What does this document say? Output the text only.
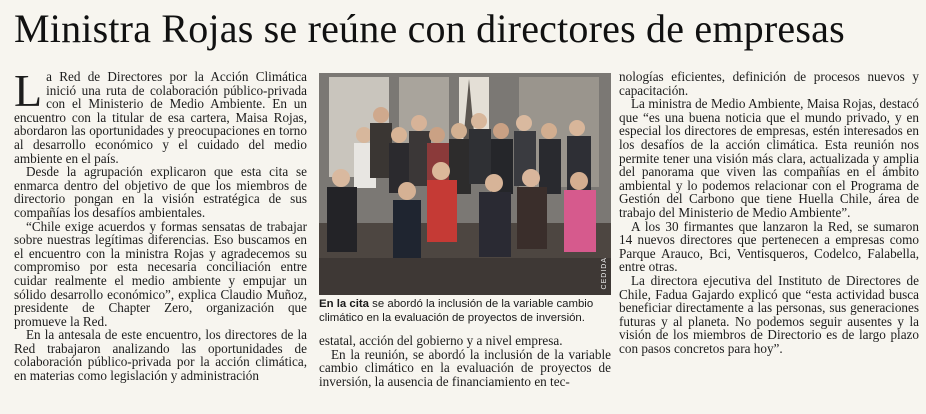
Ministra Rojas se reúne con directores de empresas

La Red de Directores por la Acción Climática inició una ruta de colaboración público-privada con el Ministerio de Medio Ambiente. En un encuentro con la titular de esa cartera, Maisa Rojas, abordaron las oportunidades y preocupaciones en torno al desarrollo económico y el cuidado del medio ambiente en el país.

Desde la agrupación explicaron que esta cita se enmarca dentro del objetivo de que los miembros de directorio pongan en la visión estratégica de sus compañías los desafíos ambientales.

“Chile exige acuerdos y formas sensatas de trabajar sobre nuestras legítimas diferencias. Eso buscamos en el encuentro con la ministra Rojas y agradecemos su compromiso por esta necesaria conciliación entre cuidar realmente el medio ambiente y empujar un sólido desarrollo económico”, explica Claudio Muñoz, presidente de Chapter Zero, organización que promueve la Red.

En la antesala de este encuentro, los directores de la Red trabajaron analizando las oportunidades de colaboración público-privada por la acción climática, en materias como legislación y administración

CEDIDA
En la cita se abordó la inclusión de la variable cambio climático en la evaluación de proyectos de inversión.

estatal, acción del gobierno y a nivel empresa.

En la reunión, se abordó la inclusión de la variable cambio climático en la evaluación de proyectos de inversión, la ausencia de financiamiento en tec-

nologías eficientes, definición de procesos nuevos y capacitación.

La ministra de Medio Ambiente, Maisa Rojas, destacó que “es una buena noticia que el mundo privado, y en especial los directores de empresas, estén interesados en los desafíos de la acción climática. Esta reunión nos permite tener una visión más clara, actualizada y amplia del panorama que viven las compañías en el ámbito ambiental y lo podemos relacionar con el Programa de Gestión del Carbono que tiene Huella Chile, área de trabajo del Ministerio de Medio Ambiente”.

A los 30 firmantes que lanzaron la Red, se sumaron 14 nuevos directores que pertenecen a empresas como Parque Arauco, Bci, Ventisqueros, Codelco, Falabella, entre otras.

La directora ejecutiva del Instituto de Directores de Chile, Fadua Gajardo explicó que “esta actividad busca beneficiar directamente a las personas, sus generaciones futuras y al planeta. No podemos seguir ausentes y la visión de los miembros de Directorio es de largo plazo con pasos concretos para hoy”.
